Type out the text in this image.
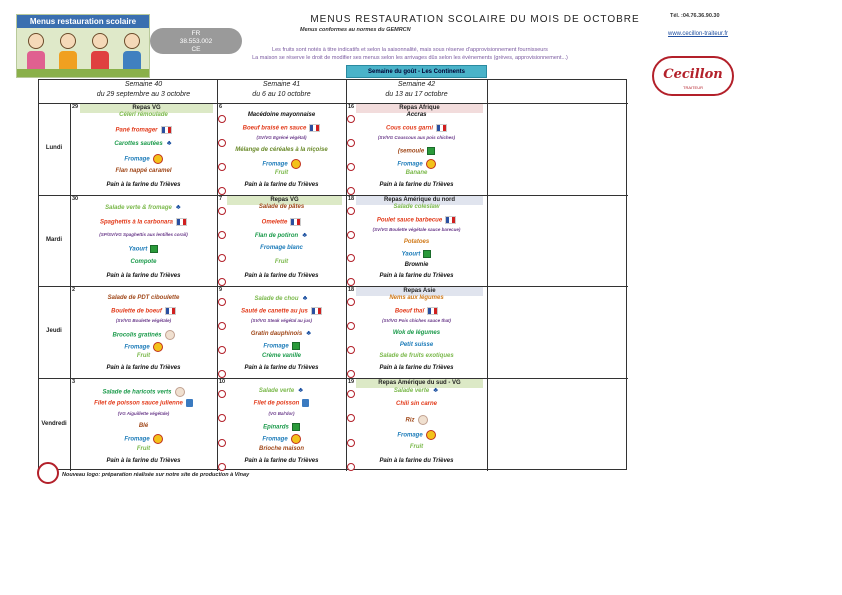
Menus restauration scolaire
FR
38.553.002
CE
MENUS RESTAURATION SCOLAIRE DU MOIS DE OCTOBRE
Menus conformes au normes du GEMRCN
Tél. :04.76.36.90.30
www.cecillon-traiteur.fr
Les fruits sont notés à titre indicatifs et selon la saisonnalité, mais sous réserve d'approvisionnement fournisseurs
La maison se réserve le droit de modifier ses menus selon les arrivages dûs selon les évènements (grèves, approvisionnement...)
Semaine du goût - Les Continents	Cecillon
TRAITEUR
Semaine 40
du 29 septembre au 3 octobre
Semaine 41
du 6 au 10 octobre
Semaine 42
du 13 au 17 octobre
Lundi
29	Repas VG
Céleri rémoulade
Pané fromager
Carottes sautées ♣
Fromage
Flan nappé caramel
Pain à la farine du Trièves
6
Macédoine mayonnaise
Boeuf braisé en sauce
(SV/VG Egréné végétal)
Mélange de céréales à la niçoise
Fromage
Fruit
Pain à la farine du Trièves
16	Repas Afrique
Accras
Cous cous garni
(SV/VG Couscous aux pois chiches)
(semoule
Fromage
Banane
Pain à la farine du Trièves
Mardi
30
Salade verte & fromage ♣
Spaghettis à la carbonara
(SP/SV/VG Spaghettis aux lentilles corail)
Yaourt
Compote
Pain à la farine du Trièves
7	Repas VG
Salade de pâtes
Omelette
Flan de potiron ♣
Fromage blanc
Fruit
Pain à la farine du Trièves
18	Repas Amérique du nord
Salade coleslaw
Poulet sauce barbecue
(SV/VG Boulette végétale sauce barecue)
Potatoes
Yaourt
Brownie
Pain à la farine du Trièves
Jeudi
2
Salade de PDT ciboulette
Boulette de boeuf
(SV/VG Boulette végétale)
Brocolis gratinés
Fromage
Fruit
Pain à la farine du Trièves
9
Salade de chou ♣
Sauté de canette au jus
(SV/VG Steak végétal au jus)
Gratin dauphinois ♣
Fromage
Crème vanille
Pain à la farine du Trièves
18	Repas Asie
Nems aux légumes
Boeuf thaï
(SV/VG Pois chiches sauce thaï)
Wok de légumes
Petit suisse
Salade de fruits exotiques
Pain à la farine du Trièves
Vendredi
3
Salade de haricots verts
Filet de poisson sauce julienne
(VG Aiguillette végétale)
Blé
Fromage
Fruit
Pain à la farine du Trièves
10
Salade verte ♣
Filet de poisson
(VG Bal'dor)
Epinards
Fromage
Brioche maison
Pain à la farine du Trièves
19	Repas Amérique du sud - VG
Salade verte ♣
Chili sin carne
Riz
Fromage
Fruit
Pain à la farine du Trièves
Nouveau logo: préparation réalisée sur notre site de production à Vinay
